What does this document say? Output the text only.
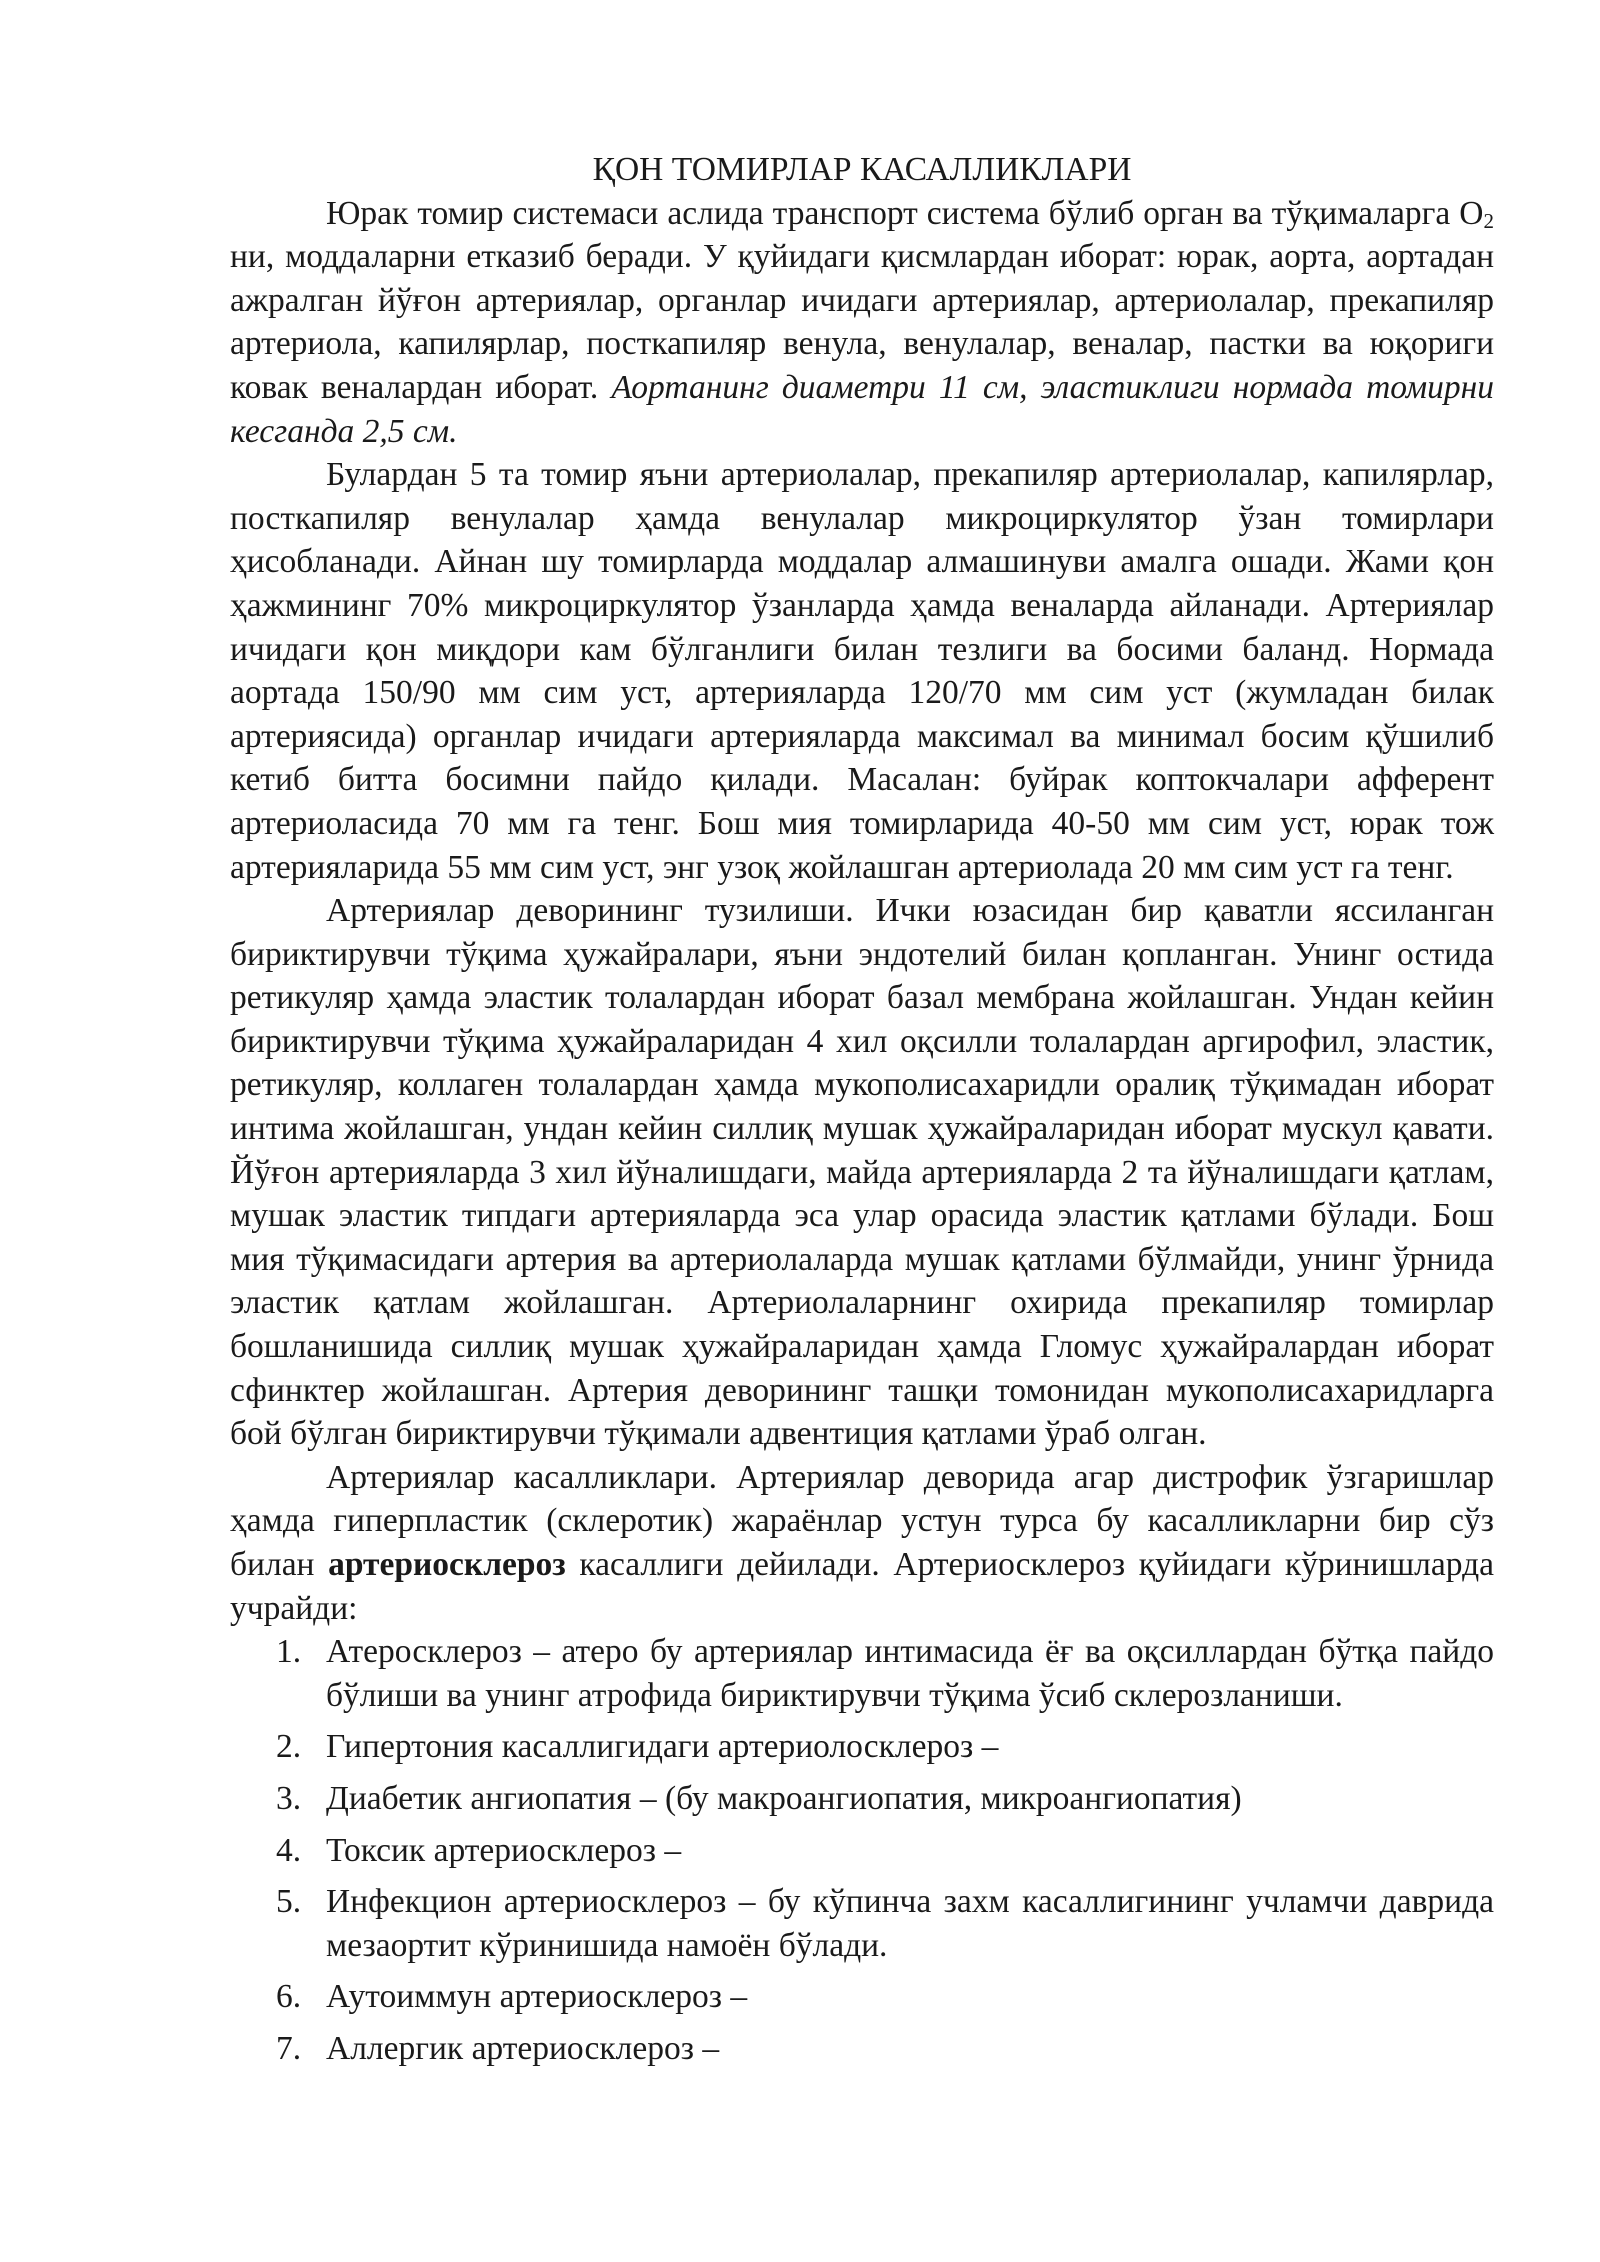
ҚОН ТОМИРЛАР КАСАЛЛИКЛАРИ

Юрак томир системаси аслида транспорт система бўлиб орган ва тўқималарга $О_2$ ни, моддаларни етказиб беради. У қуйидаги қисмлардан иборат: юрак, аорта, аортадан ажралган йўғон артериялар, органлар ичидаги артериялар, артериолалар, прекапиляр артериола, капилярлар, посткапиляр венула, венулалар, веналар, пастки ва юқориги ковак веналардан иборат. Аортанинг диаметри 11 см, эластиклиги нормада томирни кесганда 2,5 см.

Булардан 5 та томир яъни артериолалар, прекапиляр артериолалар, капилярлар, посткапиляр венулалар ҳамда венулалар микроциркулятор ўзан томирлари ҳисобланади. Айнан шу томирларда моддалар алмашинуви амалга ошади. Жами қон ҳажмининг 70% микроциркулятор ўзанларда ҳамда веналарда айланади. Артериялар ичидаги қон миқдори кам бўлганлиги билан тезлиги ва босими баланд. Нормада аортада 150/90 мм сим уст, артерияларда 120/70 мм сим уст (жумладан билак артериясида) органлар ичидаги артерияларда максимал ва минимал босим қўшилиб кетиб битта босимни пайдо қилади. Масалан: буйрак коптокчалари афферент артериоласида 70 мм га тенг. Бош мия томирларида 40-50 мм сим уст, юрак тож артерияларида 55 мм сим уст, энг узоқ жойлашган артериолада 20 мм сим уст га тенг.

Артериялар деворининг тузилиши. Ички юзасидан бир қаватли яссиланган бириктирувчи тўқима ҳужайралари, яъни эндотелий билан қопланган. Унинг остида ретикуляр ҳамда эластик толалардан иборат базал мембрана жойлашган. Ундан кейин бириктирувчи тўқима ҳужайраларидан 4 хил оқсилли толалардан аргирофил, эластик, ретикуляр, коллаген толалардан ҳамда мукополисахаридли оралиқ тўқимадан иборат интима жойлашган, ундан кейин силлиқ мушак ҳужайраларидан иборат мускул қавати. Йўғон артерияларда 3 хил йўналишдаги, майда артерияларда 2 та йўналишдаги қатлам, мушак эластик типдаги артерияларда эса улар орасида эластик қатлами бўлади. Бош мия тўқимасидаги артерия ва артериолаларда мушак қатлами бўлмайди, унинг ўрнида эластик қатлам жойлашган. Артериолаларнинг охирида прекапиляр томирлар бошланишида силлиқ мушак ҳужайраларидан ҳамда Гломус ҳужайралардан иборат сфинктер жойлашган. Артерия деворининг ташқи томонидан мукополисахаридларга бой бўлган бириктирувчи тўқимали адвентиция қатлами ўраб олган.

Артериялар касалликлари. Артериялар деворида агар дистрофик ўзгаришлар ҳамда гиперпластик (склеротик) жараёнлар устун турса бу касалликларни бир сўз билан артериосклероз касаллиги дейилади. Артериосклероз қуйидаги кўринишларда учрайди:

1. Атеросклероз – атеро бу артериялар интимасида ёғ ва оқсиллардан бўтқа пайдо бўлиши ва унинг атрофида бириктирувчи тўқима ўсиб склерозланиши.
2. Гипертония касаллигидаги артериолосклероз –
3. Диабетик ангиопатия – (бу макроангиопатия, микроангиопатия)
4. Токсик артериосклероз –
5. Инфекцион артериосклероз – бу кўпинча захм касаллигининг учламчи даврида мезаортит кўринишида намоён бўлади.
6. Аутоиммун артериосклероз –
7. Аллергик артериосклероз –
